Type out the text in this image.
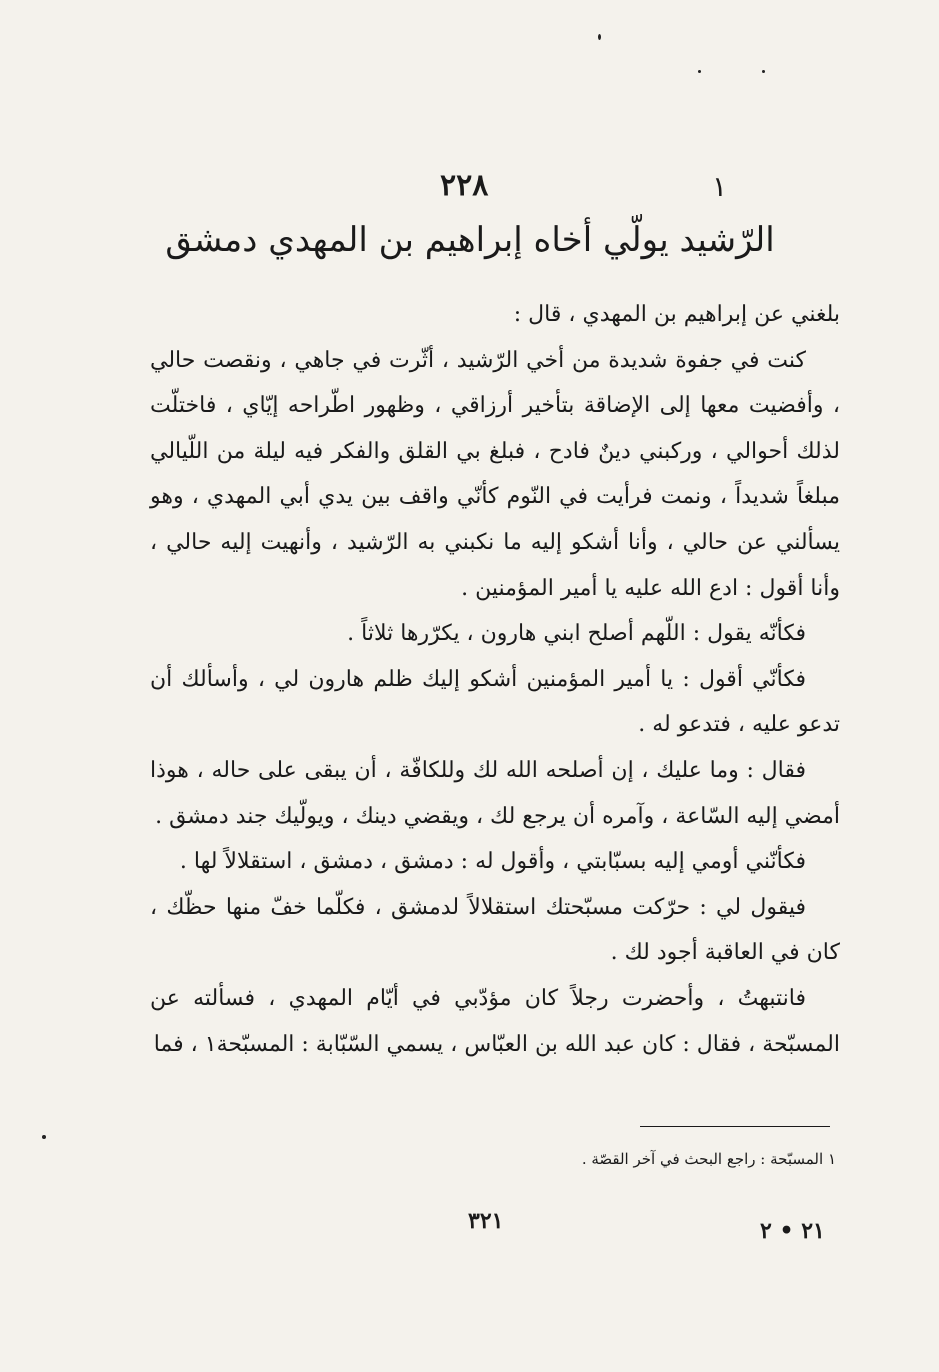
١
٢٢٨
الرّشيد يولّي أخاه إبراهيم بن المهدي دمشق

بلغني عن إبراهيم بن المهدي ، قال :

كنت في جفوة شديدة من أخي الرّشيد ، أثّرت في جاهي ، ونقصت حالي ، وأفضيت معها إلى الإضاقة بتأخير أرزاقي ، وظهور اطّراحه إيّاي ، فاختلّت لذلك أحوالي ، وركبني دينٌ فادح ، فبلغ بي القلق والفكر فيه ليلة من اللّيالي مبلغاً شديداً ، ونمت فرأيت في النّوم كأنّي واقف بين يدي أبي المهدي ، وهو يسألني عن حالي ، وأنا أشكو إليه ما نكبني به الرّشيد ، وأنهيت إليه حالي ، وأنا أقول : ادع الله عليه يا أمير المؤمنين .

فكأنّه يقول : اللّهم أصلح ابني هارون ، يكرّرها ثلاثاً .

فكأنّي أقول : يا أمير المؤمنين أشكو إليك ظلم هارون لي ، وأسألك أن تدعو عليه ، فتدعو له .

فقال : وما عليك ، إن أصلحه الله لك وللكافّة ، أن يبقى على حاله ، هوذا أمضي إليه السّاعة ، وآمره أن يرجع لك ، ويقضي دينك ، ويولّيك جند دمشق .

فكأنّني أومي إليه بسبّابتي ، وأقول له : دمشق ، دمشق ، استقلالاً لها .

فيقول لي : حرّكت مسبّحتك استقلالاً لدمشق ، فكلّما خفّ منها حظّك ، كان في العاقبة أجود لك .

فانتبهتُ ، وأحضرت رجلاً كان مؤدّبي في أيّام المهدي ، فسألته عن المسبّحة ، فقال : كان عبد الله بن العبّاس ، يسمي السّبّابة : المسبّحة١ ، فما

١ المسبّحة : راجع البحث في آخر القصّة .
٣٢١	٢١ • ٢
